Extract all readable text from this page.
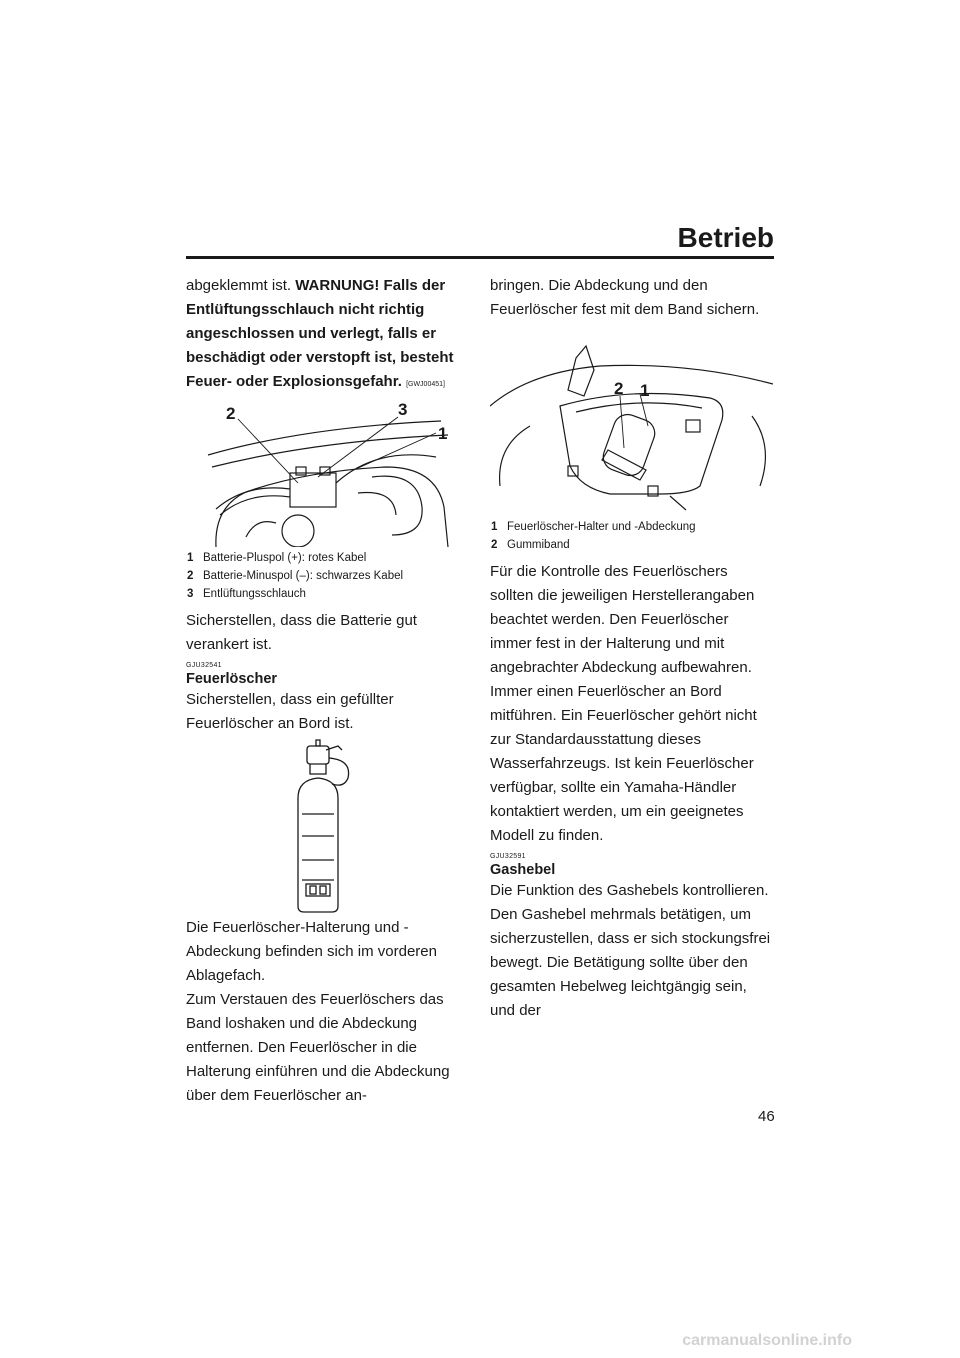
Betrieb

abgeklemmt ist. WARNUNG! Falls der Entlüftungsschlauch nicht richtig angeschlossen und verlegt, falls er beschädigt oder verstopft ist, besteht Feuer- oder Explosionsgefahr. [GWJ00451]

2	3
1
1 Batterie-Pluspol (+): rotes Kabel
2 Batterie-Minuspol (–): schwarzes Kabel
3 Entlüftungsschlauch

Sicherstellen, dass die Batterie gut verankert ist.

GJU32541
Feuerlöscher

Sicherstellen, dass ein gefüllter Feuerlöscher an Bord ist.

Die Feuerlöscher-Halterung und -Abdeckung befinden sich im vorderen Ablagefach.

Zum Verstauen des Feuerlöschers das Band loshaken und die Abdeckung entfernen. Den Feuerlöscher in die Halterung einführen und die Abdeckung über dem Feuerlöscher an-

bringen. Die Abdeckung und den Feuerlöscher fest mit dem Band sichern.

2 1
1 Feuerlöscher-Halter und -Abdeckung
2 Gummiband

Für die Kontrolle des Feuerlöschers sollten die jeweiligen Herstellerangaben beachtet werden. Den Feuerlöscher immer fest in der Halterung und mit angebrachter Abdeckung aufbewahren.

Immer einen Feuerlöscher an Bord mitführen. Ein Feuerlöscher gehört nicht zur Standardausstattung dieses Wasserfahrzeugs. Ist kein Feuerlöscher verfügbar, sollte ein Yamaha-Händler kontaktiert werden, um ein geeignetes Modell zu finden.

GJU32591
Gashebel

Die Funktion des Gashebels kontrollieren. Den Gashebel mehrmals betätigen, um sicherzustellen, dass er sich stockungsfrei bewegt. Die Betätigung sollte über den gesamten Hebelweg leichtgängig sein, und der

46
carmanualsonline.info
